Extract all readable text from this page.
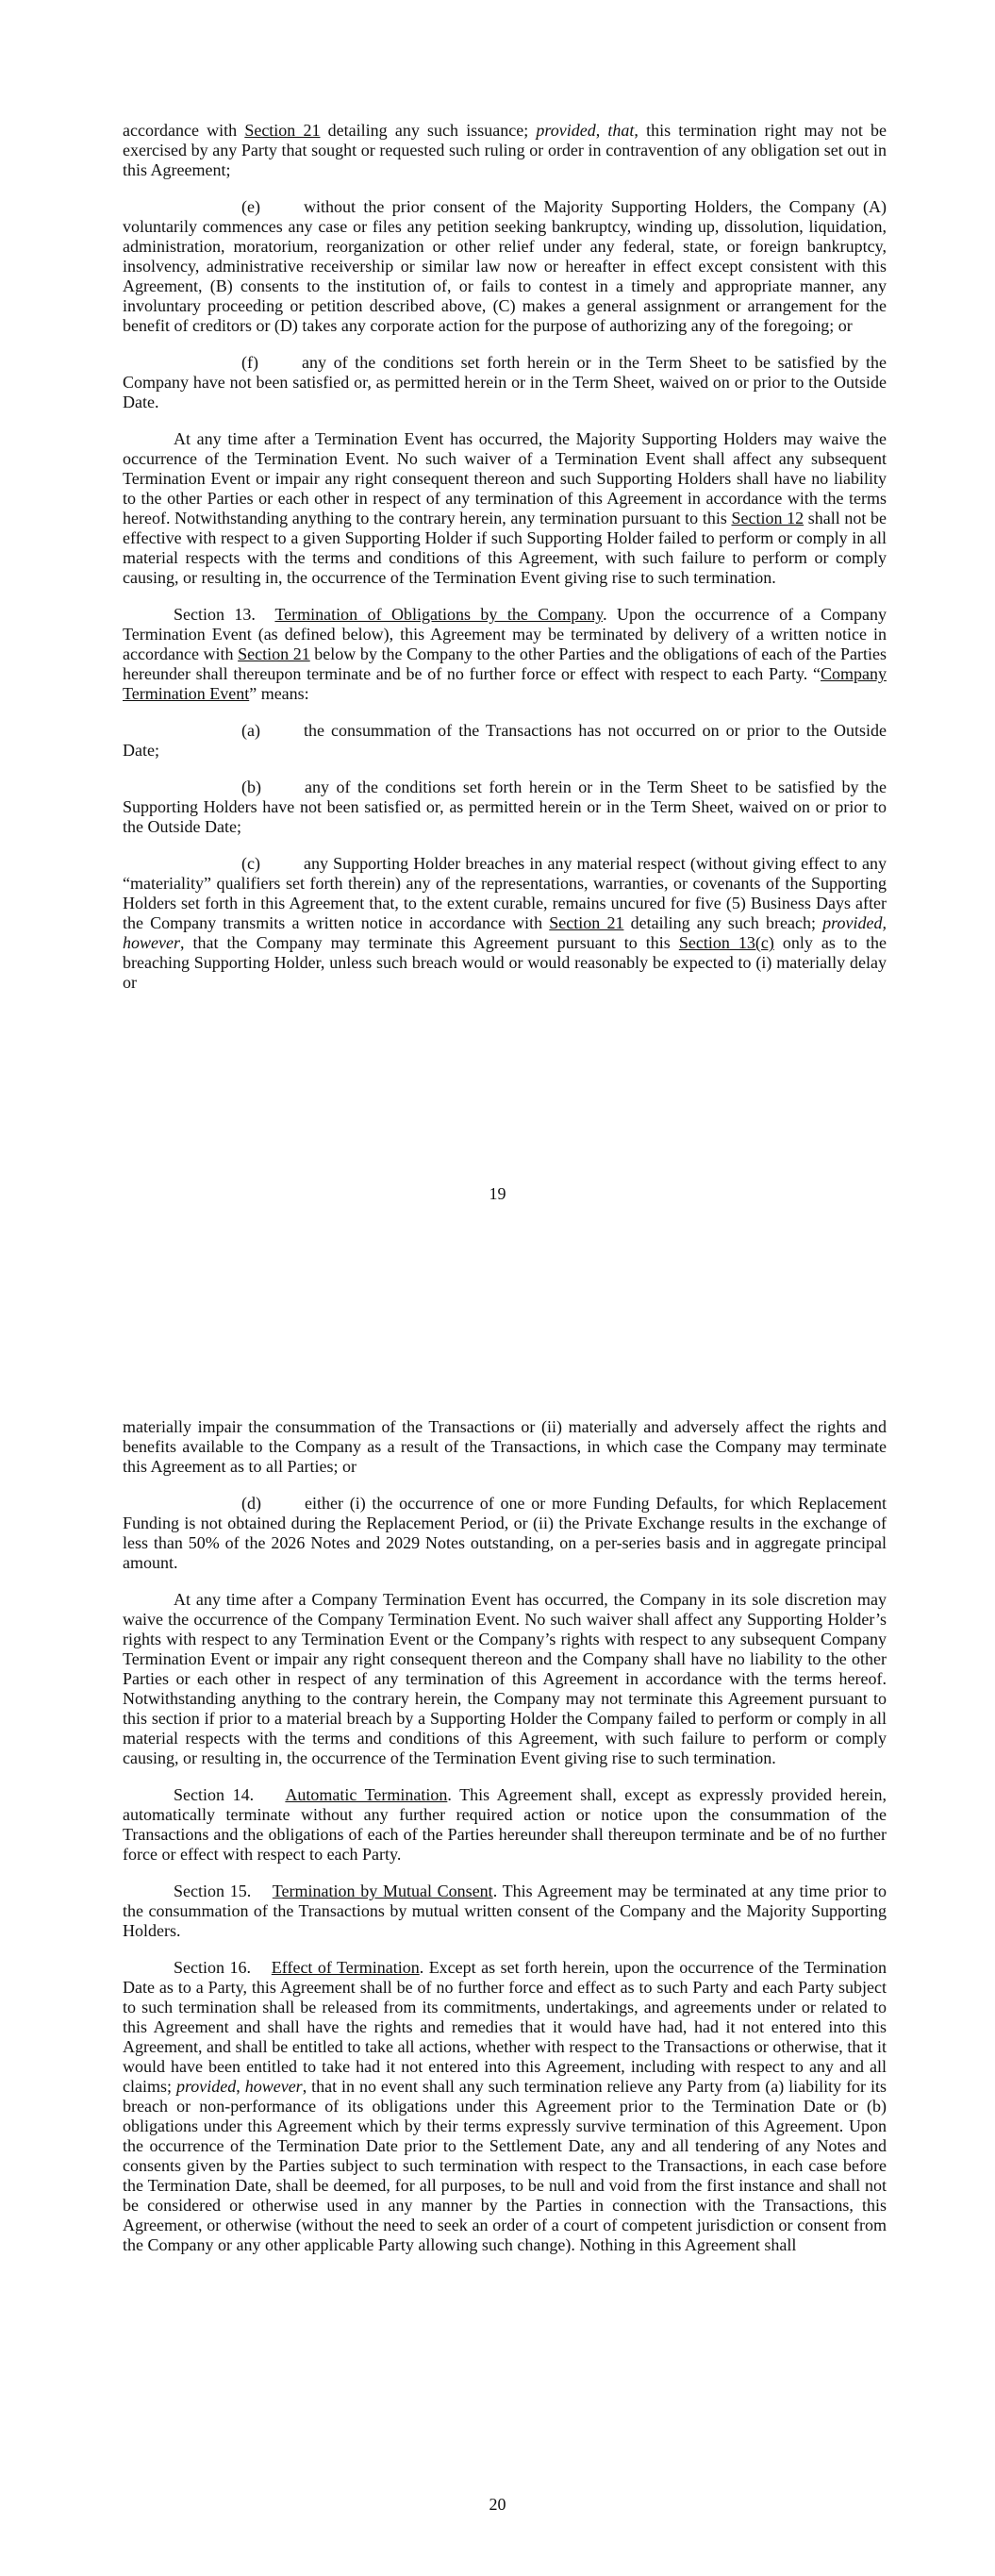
accordance with Section 21 detailing any such issuance; provided, that, this termination right may not be exercised by any Party that sought or requested such ruling or order in contravention of any obligation set out in this Agreement;

(e)	without the prior consent of the Majority Supporting Holders, the Company (A) voluntarily commences any case or files any petition seeking bankruptcy, winding up, dissolution, liquidation, administration, moratorium, reorganization or other relief under any federal, state, or foreign bankruptcy, insolvency, administrative receivership or similar law now or hereafter in effect except consistent with this Agreement, (B) consents to the institution of, or fails to contest in a timely and appropriate manner, any involuntary proceeding or petition described above, (C) makes a general assignment or arrangement for the benefit of creditors or (D) takes any corporate action for the purpose of authorizing any of the foregoing; or

(f)	any of the conditions set forth herein or in the Term Sheet to be satisfied by the Company have not been satisfied or, as permitted herein or in the Term Sheet, waived on or prior to the Outside Date.

At any time after a Termination Event has occurred, the Majority Supporting Holders may waive the occurrence of the Termination Event. No such waiver of a Termination Event shall affect any subsequent Termination Event or impair any right consequent thereon and such Supporting Holders shall have no liability to the other Parties or each other in respect of any termination of this Agreement in accordance with the terms hereof. Notwithstanding anything to the contrary herein, any termination pursuant to this Section 12 shall not be effective with respect to a given Supporting Holder if such Supporting Holder failed to perform or comply in all material respects with the terms and conditions of this Agreement, with such failure to perform or comply causing, or resulting in, the occurrence of the Termination Event giving rise to such termination.

Section 13. Termination of Obligations by the Company. Upon the occurrence of a Company Termination Event (as defined below), this Agreement may be terminated by delivery of a written notice in accordance with Section 21 below by the Company to the other Parties and the obligations of each of the Parties hereunder shall thereupon terminate and be of no further force or effect with respect to each Party. “Company Termination Event” means:

(a)	the consummation of the Transactions has not occurred on or prior to the Outside Date;

(b)	any of the conditions set forth herein or in the Term Sheet to be satisfied by the Supporting Holders have not been satisfied or, as permitted herein or in the Term Sheet, waived on or prior to the Outside Date;

(c)	any Supporting Holder breaches in any material respect (without giving effect to any “materiality” qualifiers set forth therein) any of the representations, warranties, or covenants of the Supporting Holders set forth in this Agreement that, to the extent curable, remains uncured for five (5) Business Days after the Company transmits a written notice in accordance with Section 21 detailing any such breach; provided, however, that the Company may terminate this Agreement pursuant to this Section 13(c) only as to the breaching Supporting Holder, unless such breach would or would reasonably be expected to (i) materially delay or

19

materially impair the consummation of the Transactions or (ii) materially and adversely affect the rights and benefits available to the Company as a result of the Transactions, in which case the Company may terminate this Agreement as to all Parties; or

(d)	either (i) the occurrence of one or more Funding Defaults, for which Replacement Funding is not obtained during the Replacement Period, or (ii) the Private Exchange results in the exchange of less than 50% of the 2026 Notes and 2029 Notes outstanding, on a per-series basis and in aggregate principal amount.

At any time after a Company Termination Event has occurred, the Company in its sole discretion may waive the occurrence of the Company Termination Event. No such waiver shall affect any Supporting Holder’s rights with respect to any Termination Event or the Company’s rights with respect to any subsequent Company Termination Event or impair any right consequent thereon and the Company shall have no liability to the other Parties or each other in respect of any termination of this Agreement in accordance with the terms hereof. Notwithstanding anything to the contrary herein, the Company may not terminate this Agreement pursuant to this section if prior to a material breach by a Supporting Holder the Company failed to perform or comply in all material respects with the terms and conditions of this Agreement, with such failure to perform or comply causing, or resulting in, the occurrence of the Termination Event giving rise to such termination.

Section 14. Automatic Termination. This Agreement shall, except as expressly provided herein, automatically terminate without any further required action or notice upon the consummation of the Transactions and the obligations of each of the Parties hereunder shall thereupon terminate and be of no further force or effect with respect to each Party.

Section 15. Termination by Mutual Consent. This Agreement may be terminated at any time prior to the consummation of the Transactions by mutual written consent of the Company and the Majority Supporting Holders.

Section 16. Effect of Termination. Except as set forth herein, upon the occurrence of the Termination Date as to a Party, this Agreement shall be of no further force and effect as to such Party and each Party subject to such termination shall be released from its commitments, undertakings, and agreements under or related to this Agreement and shall have the rights and remedies that it would have had, had it not entered into this Agreement, and shall be entitled to take all actions, whether with respect to the Transactions or otherwise, that it would have been entitled to take had it not entered into this Agreement, including with respect to any and all claims; provided, however, that in no event shall any such termination relieve any Party from (a) liability for its breach or non-performance of its obligations under this Agreement prior to the Termination Date or (b) obligations under this Agreement which by their terms expressly survive termination of this Agreement. Upon the occurrence of the Termination Date prior to the Settlement Date, any and all tendering of any Notes and consents given by the Parties subject to such termination with respect to the Transactions, in each case before the Termination Date, shall be deemed, for all purposes, to be null and void from the first instance and shall not be considered or otherwise used in any manner by the Parties in connection with the Transactions, this Agreement, or otherwise (without the need to seek an order of a court of competent jurisdiction or consent from the Company or any other applicable Party allowing such change). Nothing in this Agreement shall

20
